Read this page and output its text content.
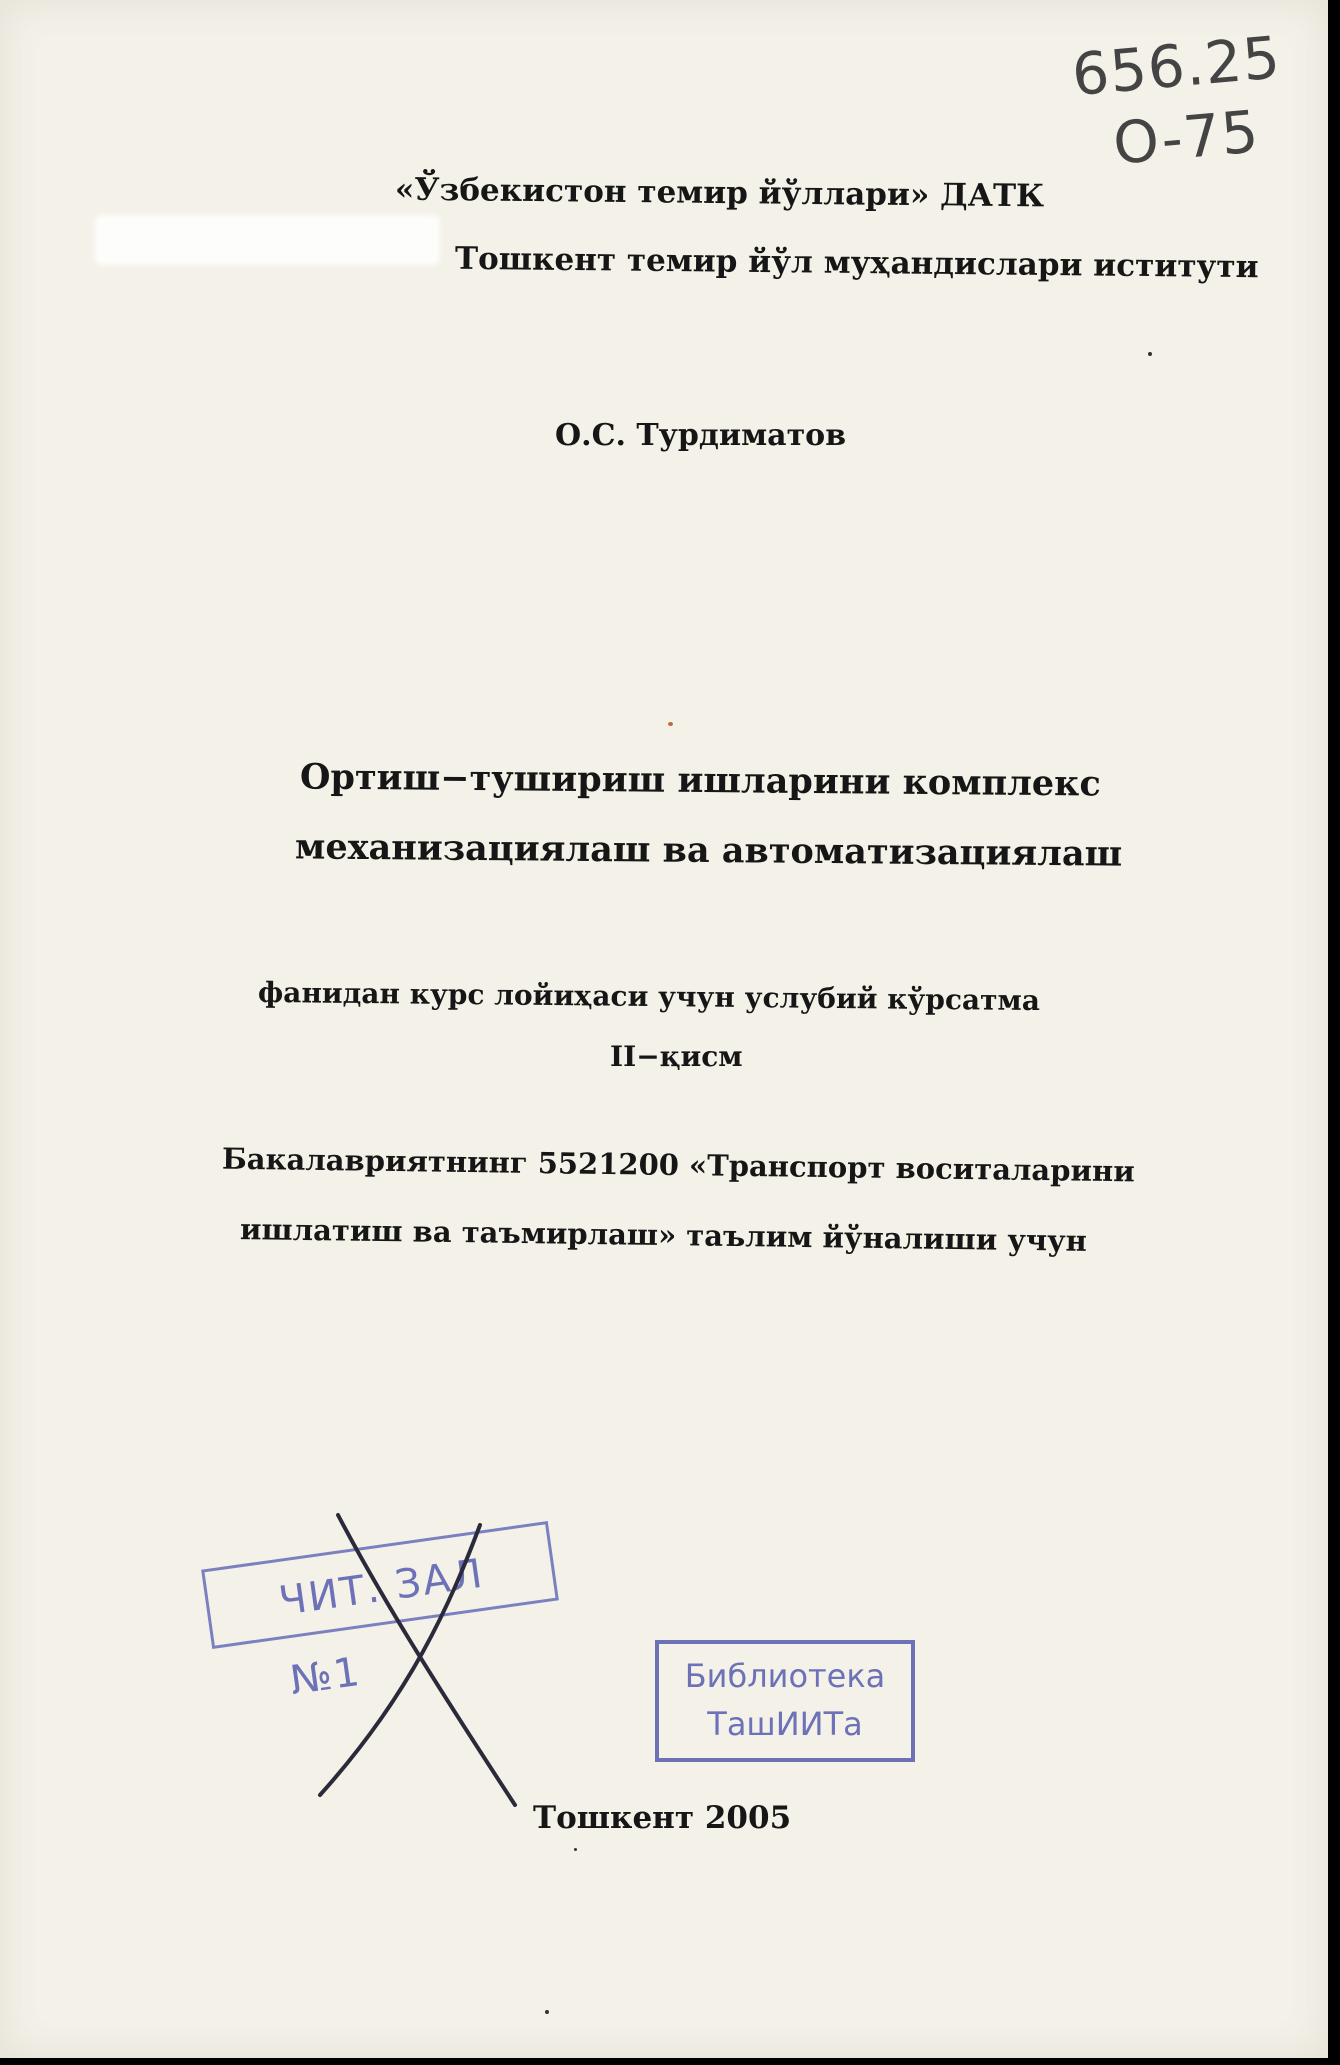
656.25
O-75
«Ўзбекистон темир йўллари» ДАТК
Тошкент темир йўл муҳандислари иститути
О.С. Турдиматов
Ортиш−тушириш ишларини комплекс
механизациялаш ва автоматизациялаш
фанидан курс лойиҳаси учун услубий кўрсатма
II−қисм
Бакалавриятнинг 5521200 «Транспорт воситаларини
ишлатиш ва таъмирлаш» таълим йўналиши учун
ЧИТ. ЗАЛ №1	Библиотека
ТашИИТа
Тошкент 2005
